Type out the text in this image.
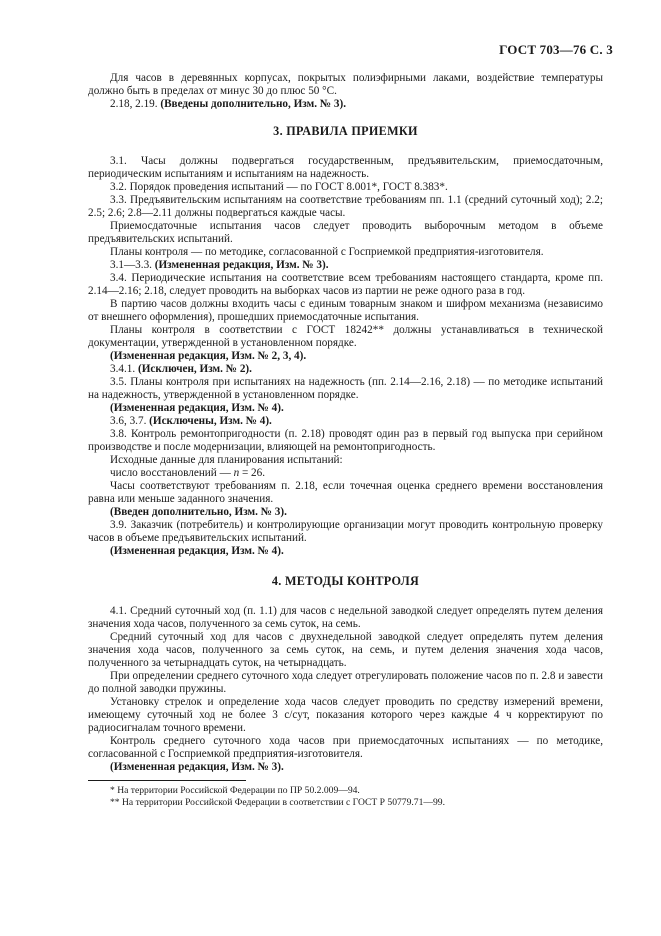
ГОСТ 703—76 С. 3

Для часов в деревянных корпусах, покрытых полиэфирными лаками, воздействие температуры должно быть в пределах от минус 30 до плюс 50 °С.

2.18, 2.19. (Введены дополнительно, Изм. № 3).

3. ПРАВИЛА ПРИЕМКИ

3.1. Часы должны подвергаться государственным, предъявительским, приемосдаточным, периодическим испытаниям и испытаниям на надежность.

3.2. Порядок проведения испытаний — по ГОСТ 8.001*, ГОСТ 8.383*.

3.3. Предъявительским испытаниям на соответствие требованиям пп. 1.1 (средний суточный ход); 2.2; 2.5; 2.6; 2.8—2.11 должны подвергаться каждые часы.

Приемосдаточные испытания часов следует проводить выборочным методом в объеме предъявительских испытаний.

Планы контроля — по методике, согласованной с Госприемкой предприятия-изготовителя.

3.1—3.3. (Измененная редакция, Изм. № 3).

3.4. Периодические испытания на соответствие всем требованиям настоящего стандарта, кроме пп. 2.14—2.16; 2.18, следует проводить на выборках часов из партии не реже одного раза в год.

В партию часов должны входить часы с единым товарным знаком и шифром механизма (независимо от внешнего оформления), прошедших приемосдаточные испытания.

Планы контроля в соответствии с ГОСТ 18242** должны устанавливаться в технической документации, утвержденной в установленном порядке.

(Измененная редакция, Изм. № 2, 3, 4).

3.4.1. (Исключен, Изм. № 2).

3.5. Планы контроля при испытаниях на надежность (пп. 2.14—2.16, 2.18) — по методике испытаний на надежность, утвержденной в установленном порядке.

(Измененная редакция, Изм. № 4).

3.6, 3.7. (Исключены, Изм. № 4).

3.8. Контроль ремонтопригодности (п. 2.18) проводят один раз в первый год выпуска при серийном производстве и после модернизации, влияющей на ремонтопригодность.

Исходные данные для планирования испытаний:

число восстановлений — n = 26.

Часы соответствуют требованиям п. 2.18, если точечная оценка среднего времени восстановления равна или меньше заданного значения.

(Введен дополнительно, Изм. № 3).

3.9. Заказчик (потребитель) и контролирующие организации могут проводить контрольную проверку часов в объеме предъявительских испытаний.

(Измененная редакция, Изм. № 4).

4. МЕТОДЫ КОНТРОЛЯ

4.1. Средний суточный ход (п. 1.1) для часов с недельной заводкой следует определять путем деления значения хода часов, полученного за семь суток, на семь.

Средний суточный ход для часов с двухнедельной заводкой следует определять путем деления значения хода часов, полученного за семь суток, на семь, и путем деления значения хода часов, полученного за четырнадцать суток, на четырнадцать.

При определении среднего суточного хода следует отрегулировать положение часов по п. 2.8 и завести до полной заводки пружины.

Установку стрелок и определение хода часов следует проводить по средству измерений времени, имеющему суточный ход не более 3 с/сут, показания которого через каждые 4 ч корректируют по радиосигналам точного времени.

Контроль среднего суточного хода часов при приемосдаточных испытаниях — по методике, согласованной с Госприемкой предприятия-изготовителя.

(Измененная редакция, Изм. № 3).

* На территории Российской Федерации по ПР 50.2.009—94.

** На территории Российской Федерации в соответствии с ГОСТ Р 50779.71—99.
